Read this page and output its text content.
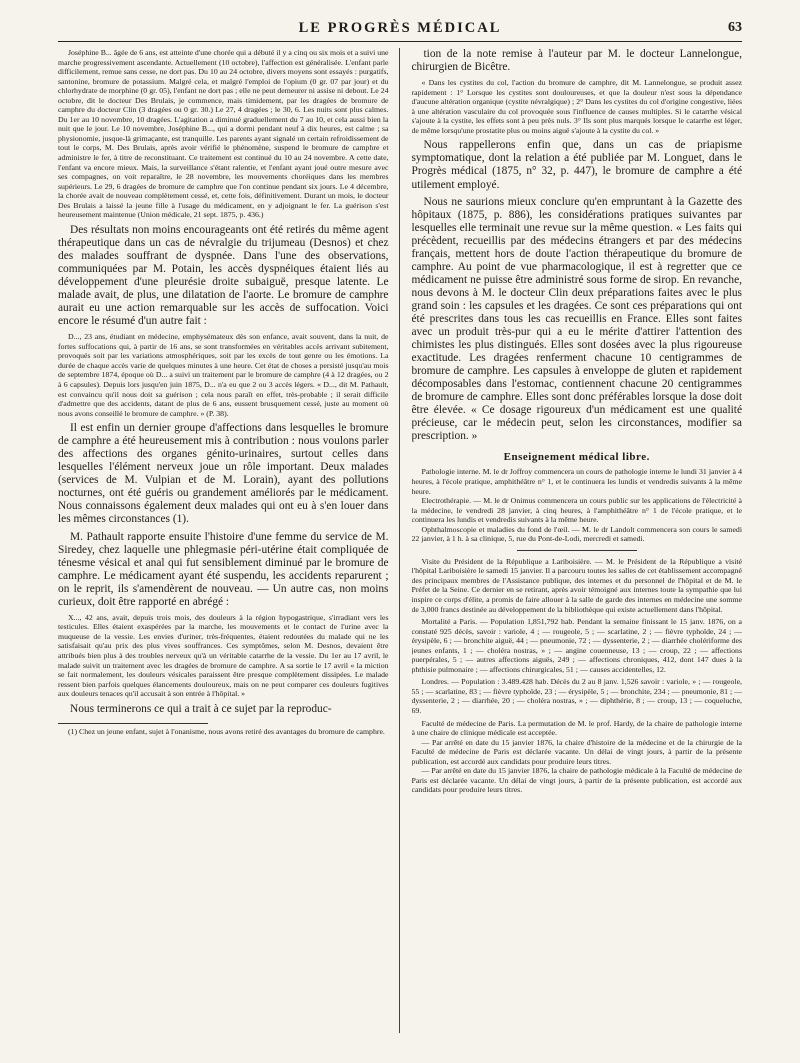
LE PROGRÈS MÉDICAL	63

Joséphine B... âgée de 6 ans, est atteinte d'une chorée qui a débuté il y a cinq ou six mois et a suivi une marche progressivement ascendante. Actuellement (10 octobre), l'affection est généralisée. L'enfant parle difficilement, remue sans cesse, ne dort pas. Du 10 au 24 octobre, divers moyens sont essayés : purgatifs, santonine, bromure de potassium. Malgré cela, et malgré l'emploi de l'opium (0 gr. 07 par jour) et du chlorhydrate de morphine (0 gr. 05), l'enfant ne dort pas ; elle ne peut demeurer ni assise ni debout. Le 24 octobre, dit le docteur Des Brulais, je commence, mais timidement, par les dragées de bromure de camphre du docteur Clin (3 dragées ou 0 gr. 30.) Le 27, 4 dragées ; le 30, 6. Les nuits sont plus calmes. Du 1er au 10 novembre, 10 dragées. L'agitation a diminué graduellement du 7 au 10, et cela aussi bien la nuit que le jour. Le 10 novembre, Joséphine B..., qui a dormi pendant neuf à dix heures, est calme ; sa physionomie, jusque-là grimaçante, est tranquille. Les parents ayant signalé un certain refroidissement de tout le corps, M. Des Brulais, après avoir vérifié le phénomène, suspend le bromure de camphre et administre le fer, à titre de reconstituant. Ce traitement est continué du 10 au 24 novembre. A cette date, l'enfant va encore mieux. Mais, la surveillance s'étant ralentie, et l'enfant ayant joué outre mesure avec ses compagnes, on voit reparaître, le 28 novembre, les mouvements choréiques dans les membres supérieurs. Le 29, 6 dragées de bromure de camphre que l'on continue pendant six jours. Le 4 décembre, la chorée avait de nouveau complètement cessé, et, cette fois, définitivement. Durant un mois, le docteur Des Brulais a laissé la jeune fille à l'usage du médicament, en y adjoignant le fer. La guérison s'est heureusement maintenue (Union médicale, 21 sept. 1875, p. 436.)

Des résultats non moins encourageants ont été retirés du même agent thérapeutique dans un cas de névralgie du trijumeau (Desnos) et chez des malades souffrant de dyspnée. Dans l'une des observations, communiquées par M. Potain, les accès dyspnéiques étaient liés au développement d'une pleurésie droite subaiguë, presque latente. Le malade avait, de plus, une dilatation de l'aorte. Le bromure de camphre aurait eu une action remarquable sur les accès de suffocation. Voici encore le résumé d'un autre fait :

D..., 23 ans, étudiant en médecine, emphysémateux dès son enfance, avait souvent, dans la nuit, de fortes suffocations qui, à partir de 16 ans, se sont transformées en véritables accès arrivant subitement, provoqués soit par les variations atmosphériques, soit par les excès de tout genre ou les émotions. La durée de chaque accès varie de quelques minutes à une heure. Cet état de choses a persisté jusqu'au mois de septembre 1874, époque où D... a suivi un traitement par le bromure de camphre (4 à 12 dragées, ou 2 à 6 capsules). Depuis lors jusqu'en juin 1875, D... n'a eu que 2 ou 3 accès légers. « D..., dit M. Pathault, est convaincu qu'il nous doit sa guérison ; cela nous paraît en effet, très-probable ; il serait difficile d'admettre que des accidents, datant de plus de 6 ans, eussent brusquement cessé, juste au moment où nous avons conseillé le bromure de camphre. » (P. 38).

Il est enfin un dernier groupe d'affections dans lesquelles le bromure de camphre a été heureusement mis à contribution : nous voulons parler des affections des organes génito-urinaires, surtout celles dans lesquelles l'élément nerveux joue un rôle important. Deux malades (services de M. Vulpian et de M. Lorain), ayant des pollutions nocturnes, ont été guéris ou grandement améliorés par le médicament. Nous connaissons également deux malades qui ont eu à s'en louer dans les mêmes circonstances (1).

M. Pathault rapporte ensuite l'histoire d'une femme du service de M. Siredey, chez laquelle une phlegmasie péri-utérine était compliquée de ténesme vésical et anal qui fut sensiblement diminué par le bromure de camphre. Le médicament ayant été suspendu, les accidents reparurent ; on le reprit, ils s'amendèrent de nouveau. — Un autre cas, non moins curieux, doit être rapporté en abrégé :

X..., 42 ans, avait, depuis trois mois, des douleurs à la région hypogastrique, s'irradiant vers les testicules. Elles étaient exaspérées par la marche, les mouvements et le contact de l'urine avec la muqueuse de la vessie. Les envies d'uriner, très-fréquentes, étaient redoutées du malade qui ne les satisfaisait qu'au prix des plus vives souffrances. Ces symptômes, selon M. Desnos, devaient être attribués bien plus à des troubles nerveux qu'à un véritable catarrhe de la vessie. Du 1er au 17 avril, le malade suivit un traitement avec les dragées de bromure de camphre. A sa sortie le 17 avril « la miction se fait normalement, les douleurs vésicales paraissent être presque complètement dissipées. Le malade ressent bien parfois quelques élancements douloureux, mais on ne peut comparer ces douleurs fugitives aux douleurs tenaces qu'il accusait à son entrée à l'hôpital. »

Nous terminerons ce qui a trait à ce sujet par la reproduc-

(1) Chez un jeune enfant, sujet à l'onanisme, nous avons retiré des avantages du bromure de camphre.

tion de la note remise à l'auteur par M. le docteur Lannelongue, chirurgien de Bicêtre.

« Dans les cystites du col, l'action du bromure de camphre, dit M. Lannelongue, se produit assez rapidement : 1° Lorsque les cystites sont douloureuses, et que la douleur n'est sous la dépendance d'aucune altération organique (cystite névralgique) ; 2° Dans les cystites du col d'origine congestive, liées à une altération vasculaire du col provoquée sous l'influence de causes multiples. Si le catarrhe vésical s'ajoute à la cystite, les effets sont à peu près nuls. 3° Ils sont plus marqués lorsque le catarrhe est léger, de même lorsqu'une prostatite plus ou moins aiguë s'ajoute à la cystite du col. »

Nous rappellerons enfin que, dans un cas de priapisme symptomatique, dont la relation a été publiée par M. Longuet, dans le Progrès médical (1875, n° 32, p. 447), le bromure de camphre a été utilement employé.

Nous ne saurions mieux conclure qu'en empruntant à la Gazette des hôpitaux (1875, p. 886), les considérations pratiques suivantes par lesquelles elle terminait une revue sur la même question. « Les faits qui précèdent, recueillis par des médecins étrangers et par des médecins français, mettent hors de doute l'action thérapeutique du bromure de camphre. Au point de vue pharmacologique, il est à regretter que ce médicament ne puisse être administré sous forme de sirop. En revanche, nous devons à M. le docteur Clin deux préparations faites avec le plus grand soin : les capsules et les dragées. Ce sont ces préparations qui ont été prescrites dans tous les cas recueillis en France. Elles sont faites avec un produit très-pur qui a eu le mérite d'attirer l'attention des chimistes les plus distingués. Elles sont dosées avec la plus rigoureuse exactitude. Les dragées renferment chacune 10 centigrammes de bromure de camphre. Les capsules à enveloppe de gluten et rapidement décomposables dans l'estomac, contiennent chacune 20 centigrammes de bromure de camphre. Elles sont donc préférables lorsque la dose doit être élevée. « Ce dosage rigoureux d'un médicament est une qualité précieuse, car le médecin peut, selon les circonstances, modifier sa prescription. »

Enseignement médical libre.

Pathologie interne. M. le dr Joffroy commencera un cours de pathologie interne le lundi 31 janvier à 4 heures, à l'école pratique, amphithéâtre n° 1, et le continuera les lundis et vendredis suivants à la même heure.

Electrothérapie. — M. le dr Onimus commencera un cours public sur les applications de l'électricité à la médecine, le vendredi 28 janvier, à cinq heures, à l'amphithéâtre n° 1 de l'école pratique, et le continuera les lundis et vendredis suivants à la même heure.

Ophthalmoscopie et maladies du fond de l'œil. — M. le dr Landolt commencera son cours le samedi 22 janvier, à 1 h. à sa clinique, 5, rue du Pont-de-Lodi, mercredi et samedi.

Visite du Président de la République a Lariboisière. — M. le Président de la République a visité l'hôpital Lariboisière le samedi 15 janvier. Il a parcouru toutes les salles de cet établissement accompagné des principaux membres de l'Assistance publique, des internes et du personnel de l'hôpital et de M. le Préfet de la Seine. Ce dernier en se retirant, après avoir témoigné aux internes toute la sympathie que lui inspire ce corps d'élite, a promis de faire allouer à la salle de garde des internes en médecine une somme de 3,000 francs destinée au développement de la bibliothèque qui existe actuellement dans l'hôpital.

Mortalité a Paris. — Population 1,851,792 hab. Pendant la semaine finissant le 15 janv. 1876, on a constaté 925 décès, savoir : variole, 4 ; — rougeole, 5 ; — scarlatine, 2 ; — fièvre typhoïde, 24 ; — érysipèle, 6 ; — bronchite aiguë, 44 ; — pneumonie, 72 ; — dyssenterie, 2 ; — diarrhée cholériforme des jeunes enfants, 1 ; — choléra nostras, » ; — angine couenneuse, 13 ; — croup, 22 ; — affections puerpérales, 5 ; — autres affections aiguës, 249 ; — affections chroniques, 412, dont 147 dues à la phthisie pulmonaire ; — affections chirurgicales, 51 ; — causes accidentelles, 12.

Londres. — Population : 3.489.428 hab. Décès du 2 au 8 janv. 1,526 savoir : variole, » ; — rougeole, 55 ; — scarlatine, 83 ; — fièvre typhoïde, 23 ; — érysipèle, 5 ; — bronchite, 234 ; — pneumonie, 81 ; — dyssenterie, 2 ; — diarrhée, 20 ; — choléra nostras, » ; — diphthérie, 8 ; — croup, 13 ; — coqueluche, 69.

Faculté de médecine de Paris. La permutation de M. le prof. Hardy, de la chaire de pathologie interne à une chaire de clinique médicale est acceptée.

— Par arrêté en date du 15 janvier 1876, la chaire d'histoire de la médecine et de la chirurgie de la Faculté de médecine de Paris est déclarée vacante. Un délai de vingt jours, à partir de la présente publication, est accordé aux candidats pour produire leurs titres.

— Par arrêté en date du 15 janvier 1876, la chaire de pathologie médicale à la Faculté de médecine de Paris est déclarée vacante. Un délai de vingt jours, à partir de la présente publication, est accordé aux candidats pour produire leurs titres.
